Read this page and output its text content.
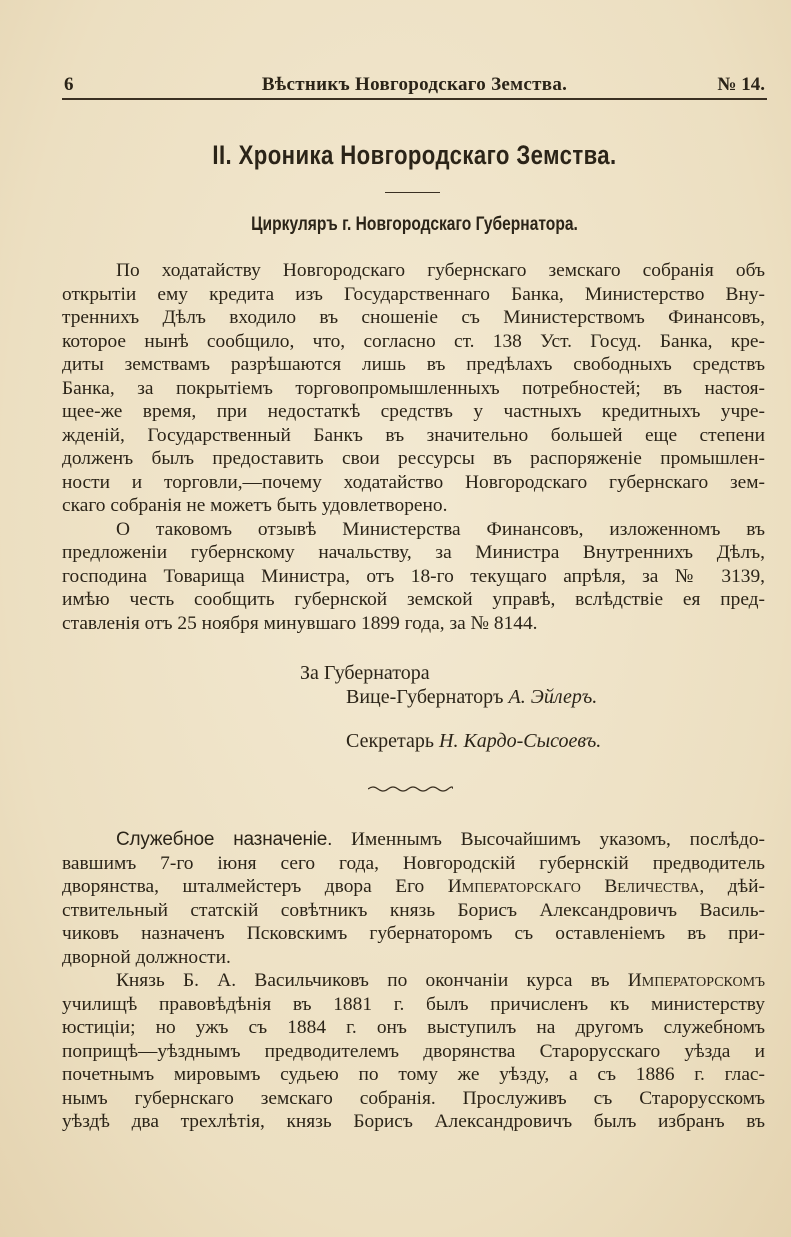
6	Вѣстникъ Новгородскаго Земства.	№ 14.
II. Хроника Новгородскаго Земства.
Циркуляръ г. Новгородскаго Губернатора.
По ходатайству Новгородскаго губернскаго земскаго собранія объ
открытіи ему кредита изъ Государственнаго Банка, Министерство Вну-
треннихъ Дѣлъ входило въ сношеніе съ Министерствомъ Финансовъ,
которое нынѣ сообщило, что, согласно ст. 138 Уст. Госуд. Банка, кре-
диты земствамъ разрѣшаются лишь въ предѣлахъ свободныхъ средствъ
Банка, за покрытіемъ торговопромышленныхъ потребностей; въ настоя-
щее-же время, при недостаткѣ средствъ у частныхъ кредитныхъ учре-
жденій, Государственный Банкъ въ значительно большей еще степени
долженъ былъ предоставить свои рессурсы въ распоряженіе промышлен-
ности и торговли,—почему ходатайство Новгородскаго губернскаго зем-
скаго собранія не можетъ быть удовлетворено.
О таковомъ отзывѣ Министерства Финансовъ, изложенномъ въ
предложеніи губернскому начальству, за Министра Внутреннихъ Дѣлъ,
господина Товарища Министра, отъ 18-го текущаго апрѣля, за № 3139,
имѣю честь сообщить губернской земской управѣ, вслѣдствіе ея пред-
ставленія отъ 25 ноября минувшаго 1899 года, за № 8144.
За Губернатора
Вице-Губернаторъ А. Эйлеръ.
Секретарь Н. Кардо-Сысоевъ.
Служебное назначеніе. Именнымъ Высочайшимъ указомъ, послѣдо-
вавшимъ 7-го іюня сего года, Новгородскій губернскій предводитель
дворянства, шталмейстеръ двора Его Императорскаго Величества, дѣй-
ствительный статскій совѣтникъ князь Борисъ Александровичъ Василь-
чиковъ назначенъ Псковскимъ губернаторомъ съ оставленіемъ въ при-
дворной должности.
Князь Б. А. Васильчиковъ по окончаніи курса въ Императорскомъ
училищѣ правовѣдѣнія въ 1881 г. былъ причисленъ къ министерству
юстиціи; но ужъ съ 1884 г. онъ выступилъ на другомъ служебномъ
поприщѣ—уѣзднымъ предводителемъ дворянства Старорусскаго уѣзда и
почетнымъ мировымъ судьею по тому же уѣзду, а съ 1886 г. глас-
нымъ губернскаго земскаго собранія. Прослуживъ съ Старорусскомъ
уѣздѣ два трехлѣтія, князь Борисъ Александровичъ былъ избранъ въ
